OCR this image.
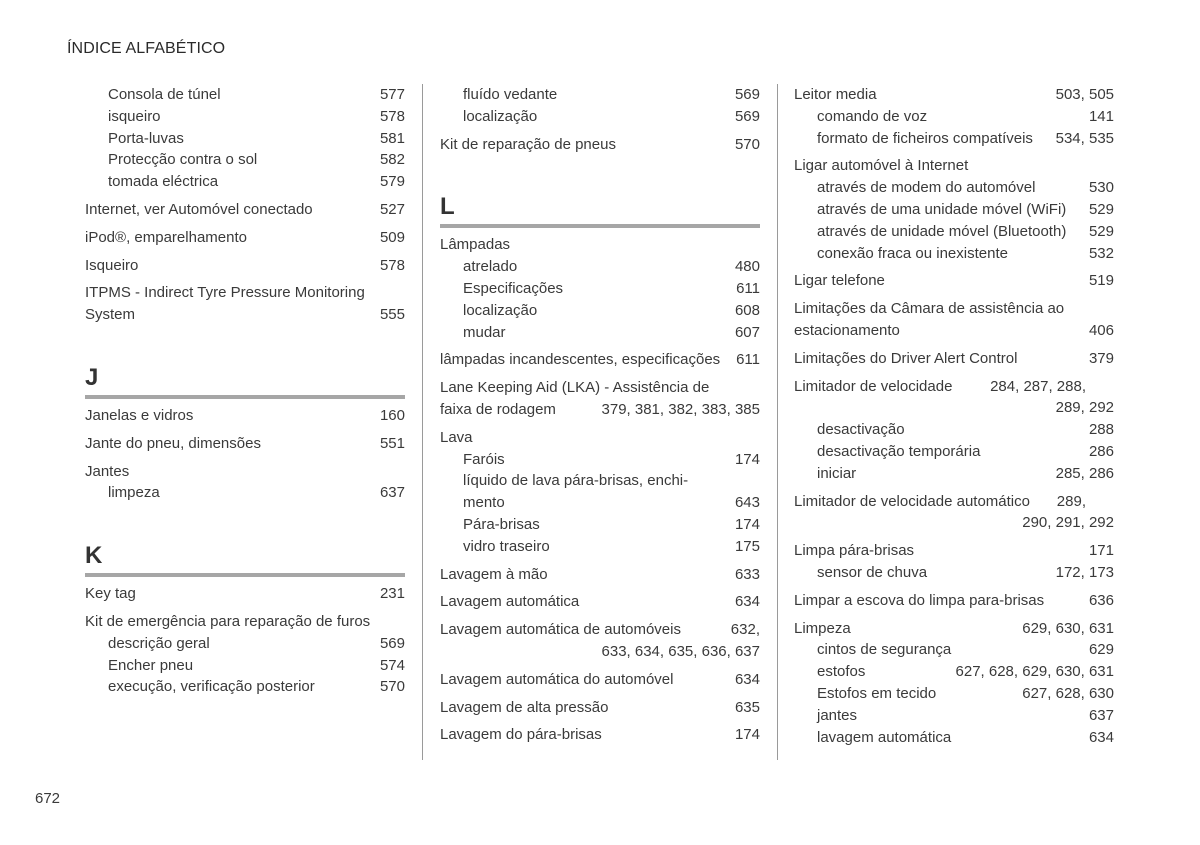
ÍNDICE ALFABÉTICO
Consola de túnel	577
isqueiro	578
Porta-luvas	581
Protecção contra o sol	582
tomada eléctrica	579
Internet, ver Automóvel conectado	527
iPod®, emparelhamento	509
Isqueiro	578
ITPMS - Indirect Tyre Pressure Monitoring
System	555
J
Janelas e vidros	160
Jante do pneu, dimensões	551
Jantes
limpeza	637
K
Key tag	231
Kit de emergência para reparação de furos
descrição geral	569
Encher pneu	574
execução, verificação posterior	570
fluído vedante	569
localização	569
Kit de reparação de pneus	570
L
Lâmpadas
atrelado	480
Especificações	611
localização	608
mudar	607
lâmpadas incandescentes, especificações	611
Lane Keeping Aid (LKA) - Assistência de
faixa de rodagem	379, 381, 382, 383, 385
Lava
Faróis	174
líquido de lava pára-brisas, enchi-
mento	643
Pára-brisas	174
vidro traseiro	175
Lavagem à mão	633
Lavagem automática	634
Lavagem automática de automóveis	632,

633, 634, 635, 636, 637
Lavagem automática do automóvel	634
Lavagem de alta pressão	635
Lavagem do pára-brisas	174
Leitor media	503, 505
comando de voz	141
formato de ficheiros compatíveis	534, 535
Ligar automóvel à Internet
através de modem do automóvel	530
através de uma unidade móvel (WiFi)	529
através de unidade móvel (Bluetooth)	529
conexão fraca ou inexistente	532
Ligar telefone	519
Limitações da Câmara de assistência ao
estacionamento	406
Limitações do Driver Alert Control	379
Limitador de velocidade	284, 287, 288,

289, 292
desactivação	288
desactivação temporária	286
iniciar	285, 286
Limitador de velocidade automático	289,

290, 291, 292
Limpa pára-brisas	171
sensor de chuva	172, 173
Limpar a escova do limpa para-brisas	636
Limpeza	629, 630, 631
cintos de segurança	629
estofos	627, 628, 629, 630, 631
Estofos em tecido	627, 628, 630
jantes	637
lavagem automática	634
672
